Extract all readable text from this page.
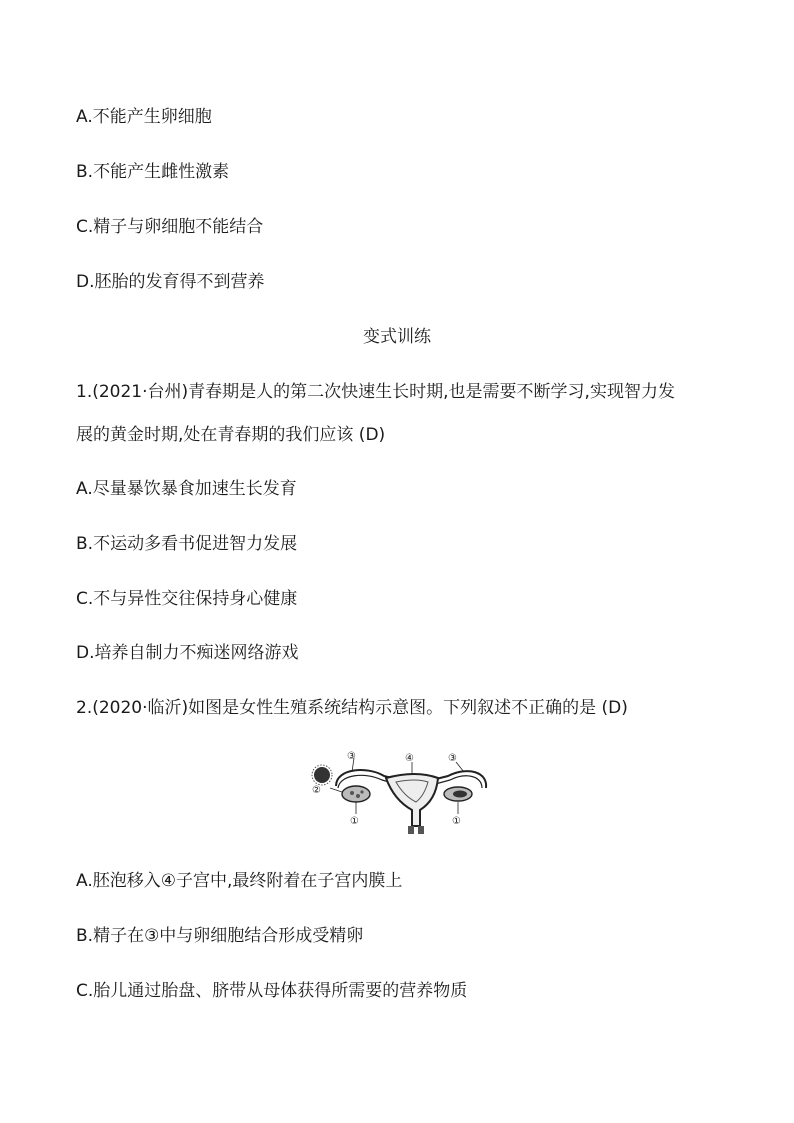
A.不能产生卵细胞
B.不能产生雌性激素
C.精子与卵细胞不能结合
D.胚胎的发育得不到营养
变式训练
1.(2021·台州)青春期是人的第二次快速生长时期,也是需要不断学习,实现智力发
展的黄金时期,处在青春期的我们应该 (D)
A.尽量暴饮暴食加速生长发育
B.不运动多看书促进智力发展
C.不与异性交往保持身心健康
D.培养自制力不痴迷网络游戏
2.(2020·临沂)如图是女性生殖系统结构示意图。下列叙述不正确的是 (D)
③
②
①
④	③
①
A.胚泡移入④子宫中,最终附着在子宫内膜上
B.精子在③中与卵细胞结合形成受精卵
C.胎儿通过胎盘、脐带从母体获得所需要的营养物质
